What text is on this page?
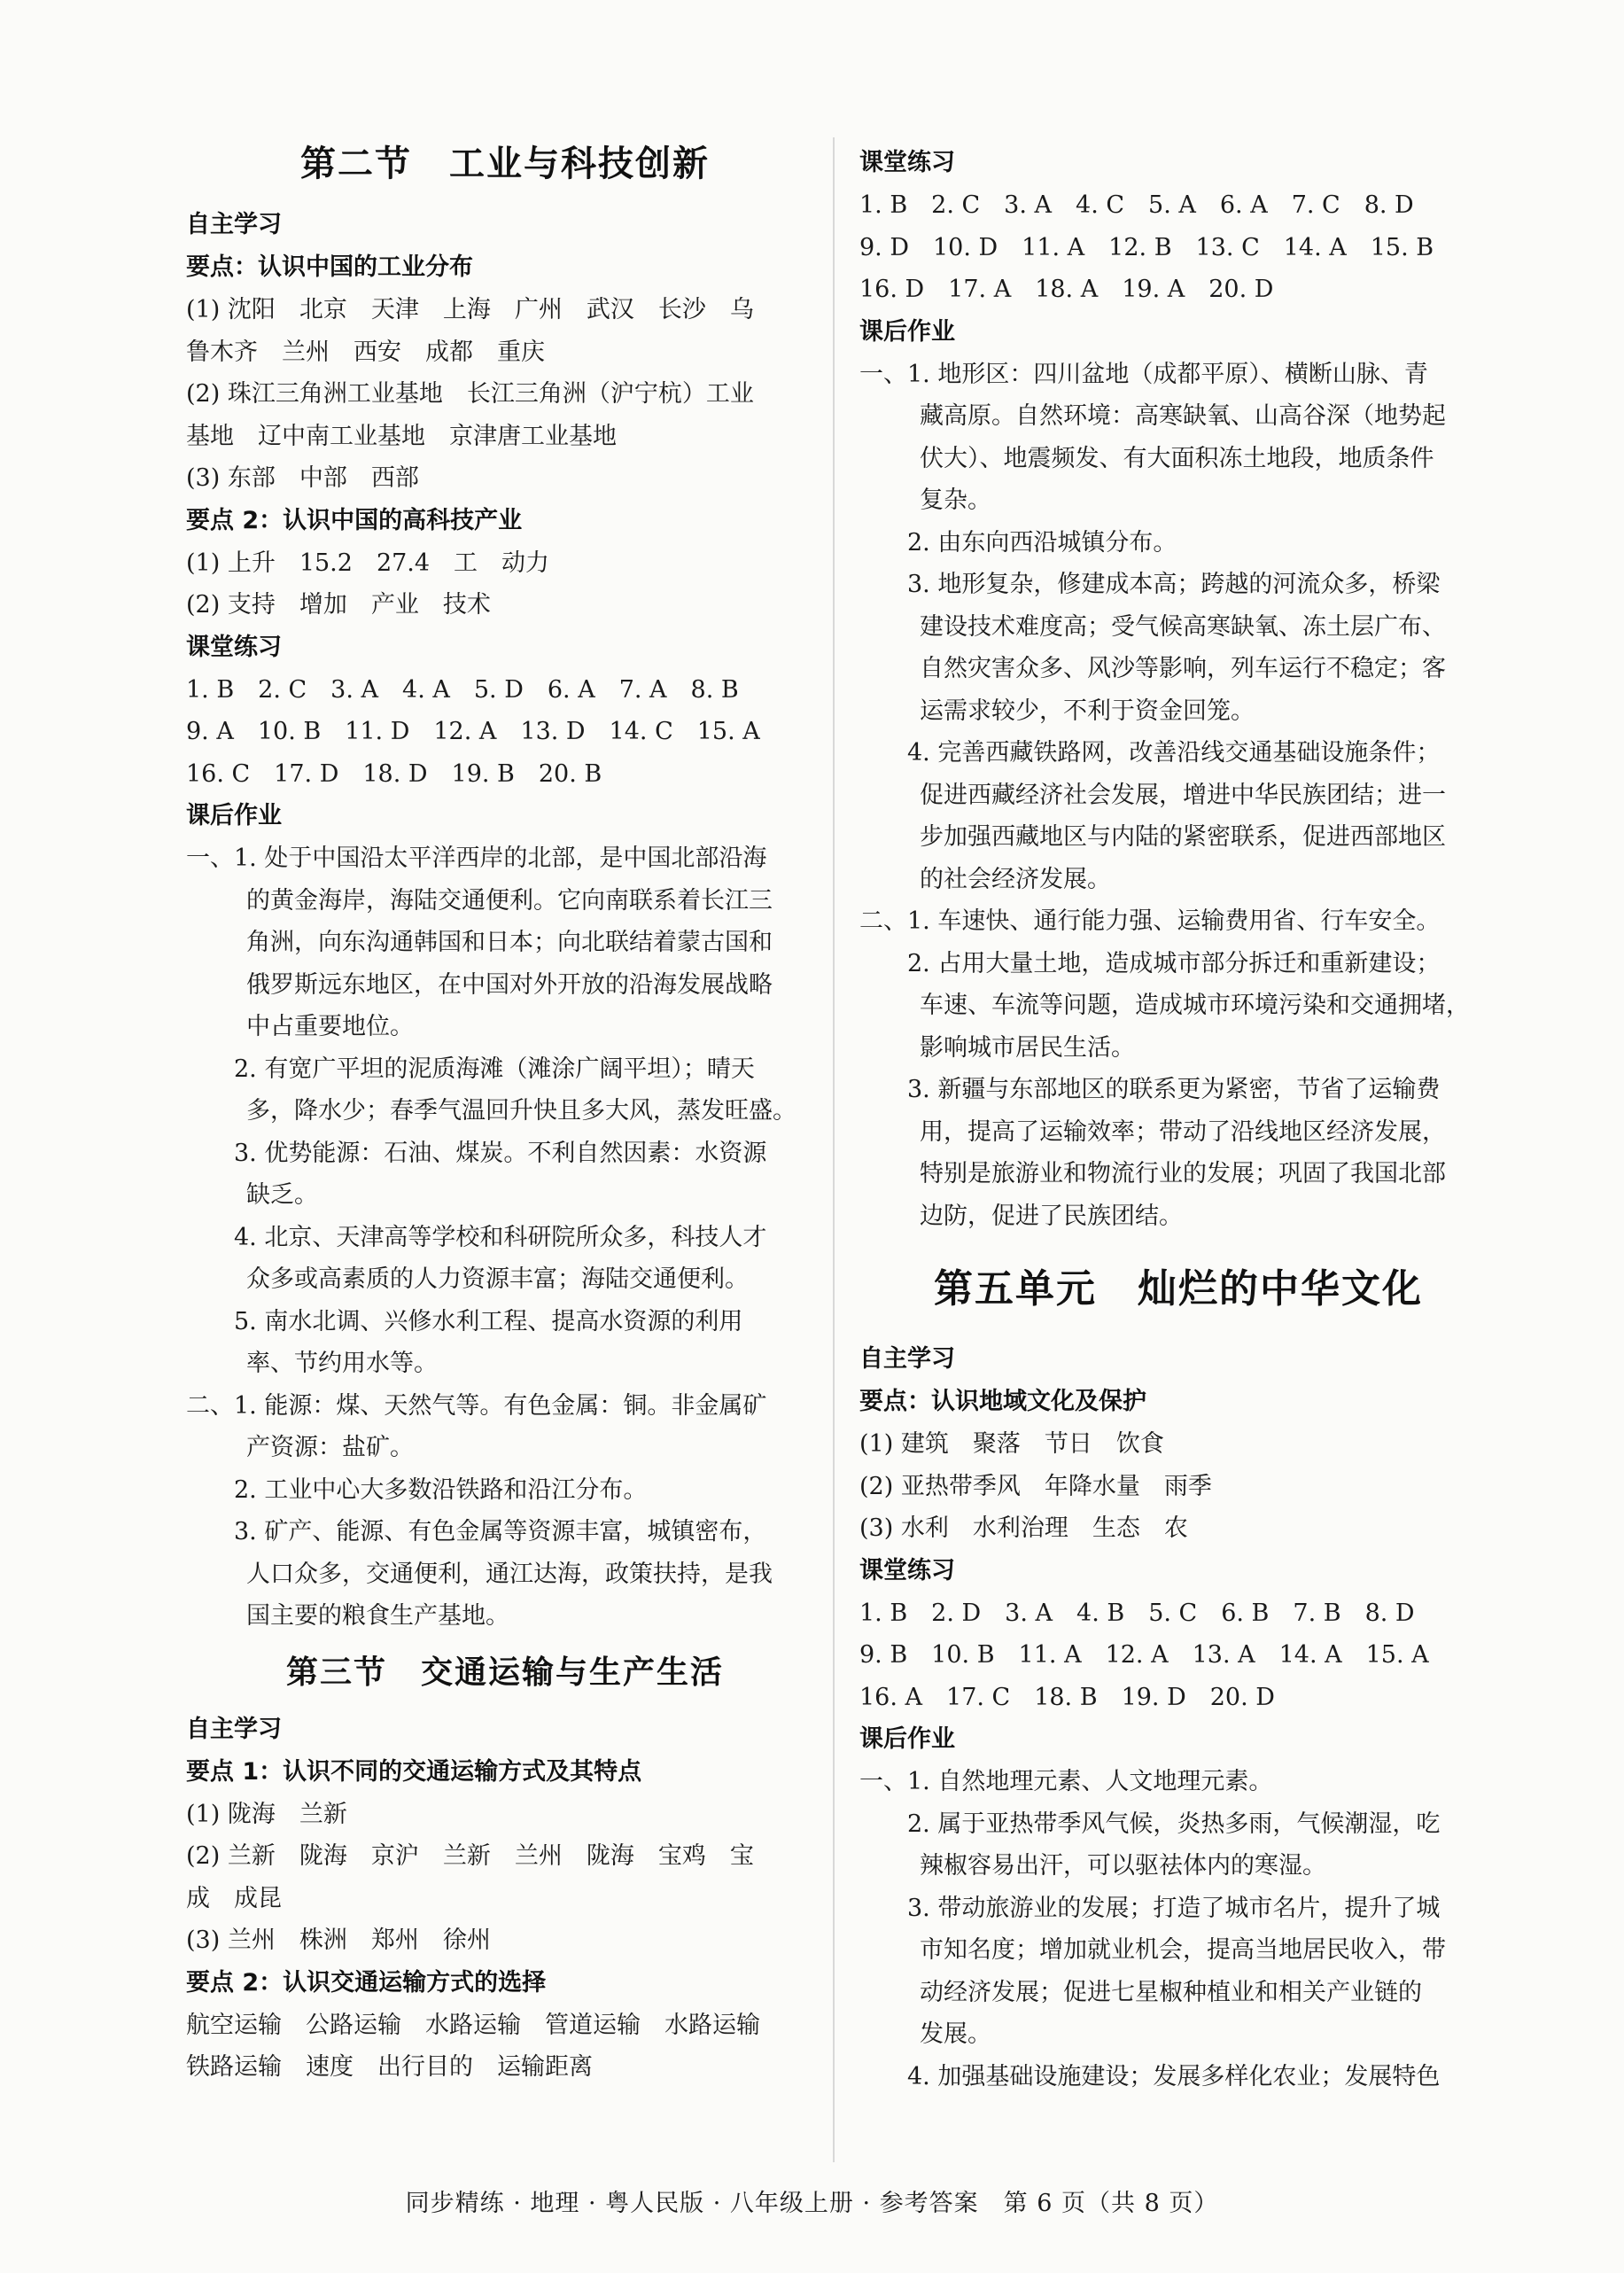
第二节　工业与科技创新

自主学习

要点：认识中国的工业分布

(1) 沈阳　北京　天津　上海　广州　武汉　长沙　乌

鲁木齐　兰州　西安　成都　重庆

(2) 珠江三角洲工业基地　长江三角洲（沪宁杭）工业

基地　辽中南工业基地　京津唐工业基地

(3) 东部　中部　西部

要点 2：认识中国的高科技产业

(1) 上升　15.2　27.4　工　动力

(2) 支持　增加　产业　技术

课堂练习

1. B　2. C　3. A　4. A　5. D　6. A　7. A　8. B

9. A　10. B　11. D　12. A　13. D　14. C　15. A

16. C　17. D　18. D　19. B　20. B

课后作业

一、1. 处于中国沿太平洋西岸的北部，是中国北部沿海

的黄金海岸，海陆交通便利。它向南联系着长江三

角洲，向东沟通韩国和日本；向北联结着蒙古国和

俄罗斯远东地区，在中国对外开放的沿海发展战略

中占重要地位。

2. 有宽广平坦的泥质海滩（滩涂广阔平坦）；晴天

多，降水少；春季气温回升快且多大风，蒸发旺盛。

3. 优势能源：石油、煤炭。不利自然因素：水资源

缺乏。

4. 北京、天津高等学校和科研院所众多，科技人才

众多或高素质的人力资源丰富；海陆交通便利。

5. 南水北调、兴修水利工程、提高水资源的利用

率、节约用水等。

二、1. 能源：煤、天然气等。有色金属：铜。非金属矿

产资源：盐矿。

2. 工业中心大多数沿铁路和沿江分布。

3. 矿产、能源、有色金属等资源丰富，城镇密布，

人口众多，交通便利，通江达海，政策扶持，是我

国主要的粮食生产基地。

第三节　交通运输与生产生活

自主学习

要点 1：认识不同的交通运输方式及其特点

(1) 陇海　兰新

(2) 兰新　陇海　京沪　兰新　兰州　陇海　宝鸡　宝

成　成昆

(3) 兰州　株洲　郑州　徐州

要点 2：认识交通运输方式的选择

航空运输　公路运输　水路运输　管道运输　水路运输

铁路运输　速度　出行目的　运输距离

课堂练习

1. B　2. C　3. A　4. C　5. A　6. A　7. C　8. D

9. D　10. D　11. A　12. B　13. C　14. A　15. B

16. D　17. A　18. A　19. A　20. D

课后作业

一、1. 地形区：四川盆地（成都平原）、横断山脉、青

藏高原。自然环境：高寒缺氧、山高谷深（地势起

伏大）、地震频发、有大面积冻土地段，地质条件

复杂。

2. 由东向西沿城镇分布。

3. 地形复杂，修建成本高；跨越的河流众多，桥梁

建设技术难度高；受气候高寒缺氧、冻土层广布、

自然灾害众多、风沙等影响，列车运行不稳定；客

运需求较少，不利于资金回笼。

4. 完善西藏铁路网，改善沿线交通基础设施条件；

促进西藏经济社会发展，增进中华民族团结；进一

步加强西藏地区与内陆的紧密联系，促进西部地区

的社会经济发展。

二、1. 车速快、通行能力强、运输费用省、行车安全。

2. 占用大量土地，造成城市部分拆迁和重新建设；

车速、车流等问题，造成城市环境污染和交通拥堵，

影响城市居民生活。

3. 新疆与东部地区的联系更为紧密，节省了运输费

用，提高了运输效率；带动了沿线地区经济发展，

特别是旅游业和物流行业的发展；巩固了我国北部

边防，促进了民族团结。

第五单元　灿烂的中华文化

自主学习

要点：认识地域文化及保护

(1) 建筑　聚落　节日　饮食

(2) 亚热带季风　年降水量　雨季

(3) 水利　水利治理　生态　农

课堂练习

1. B　2. D　3. A　4. B　5. C　6. B　7. B　8. D

9. B　10. B　11. A　12. A　13. A　14. A　15. A

16. A　17. C　18. B　19. D　20. D

课后作业

一、1. 自然地理元素、人文地理元素。

2. 属于亚热带季风气候，炎热多雨，气候潮湿，吃

辣椒容易出汗，可以驱祛体内的寒湿。

3. 带动旅游业的发展；打造了城市名片，提升了城

市知名度；增加就业机会，提高当地居民收入，带

动经济发展；促进七星椒种植业和相关产业链的

发展。

4. 加强基础设施建设；发展多样化农业；发展特色

同步精练 · 地理 · 粤人民版 · 八年级上册 · 参考答案　第 6 页（共 8 页）
